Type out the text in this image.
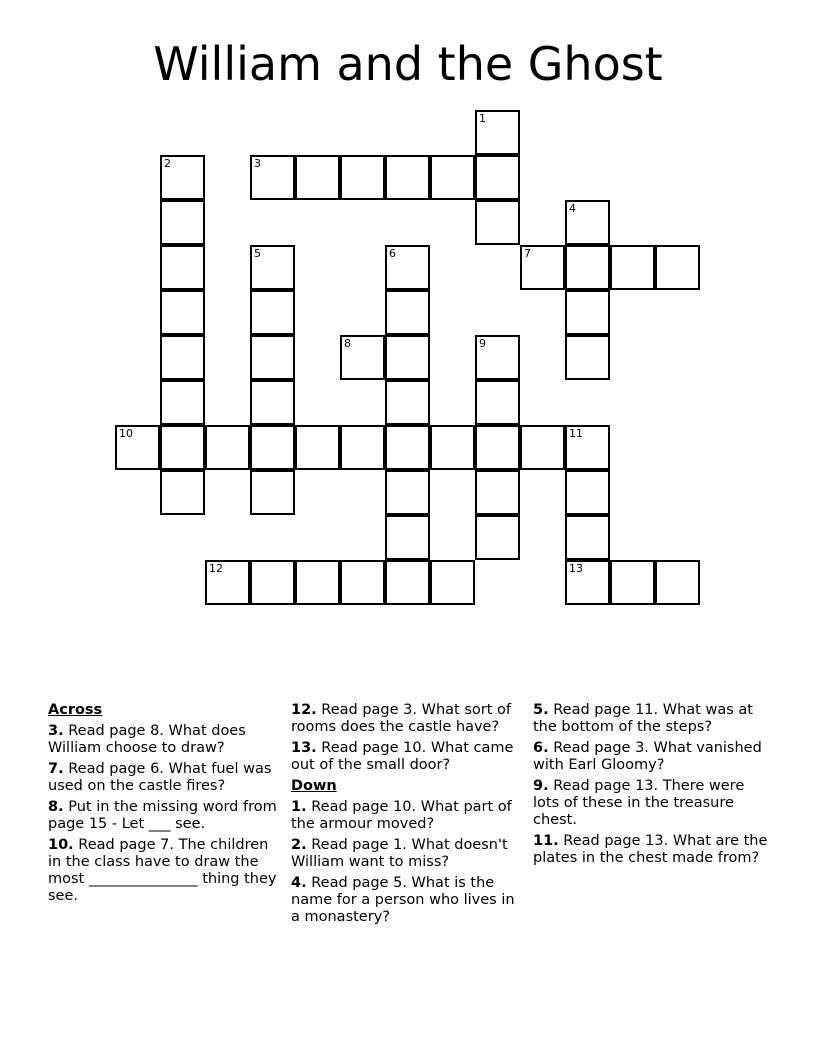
William and the Ghost
1
2	3
4
5	6	7
8	9
10	11
12	13
Across
3. Read page 8. What does William choose to draw?
7. Read page 6. What fuel was used on the castle fires?
8. Put in the missing word from page 15 - Let ___ see.
10. Read page 7. The children in the class have to draw the most _______________ thing they see.
12. Read page 3. What sort of rooms does the castle have?
13. Read page 10. What came out of the small door?
Down
1. Read page 10. What part of the armour moved?
2. Read page 1. What doesn't William want to miss?
4. Read page 5. What is the name for a person who lives in a monastery?
5. Read page 11. What was at the bottom of the steps?
6. Read page 3. What vanished with Earl Gloomy?
9. Read page 13. There were lots of these in the treasure chest.
11. Read page 13. What are the plates in the chest made from?
